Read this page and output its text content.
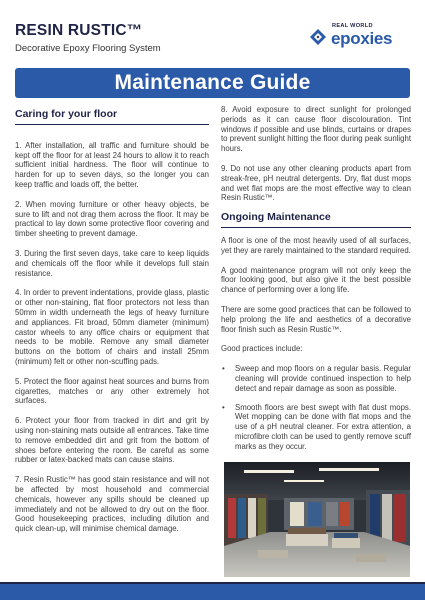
RESIN RUSTIC™
Decorative Epoxy Flooring System
REAL WORLD
epoxies
Maintenance Guide
Caring for your floor

1. After installation, all traffic and furniture should be kept off the floor for at least 24 hours to allow it to reach sufficient initial hardness. The floor will continue to harden for up to seven days, so the longer you can keep traffic and loads off, the better.

2. When moving furniture or other heavy objects, be sure to lift and not drag them across the floor. It may be practical to lay down some protective floor covering and timber sheeting to prevent damage.

3. During the first seven days, take care to keep liquids and chemicals off the floor while it develops full stain resistance.

4. In order to prevent indentations, provide glass, plastic or other non-staining, flat floor protectors not less than 50mm in width underneath the legs of heavy furniture and appliances. Fit broad, 50mm diameter (minimum) castor wheels to any office chairs or equipment that needs to be mobile. Remove any small diameter buttons on the bottom of chairs and install 25mm (minimum) felt or other non-scuffing pads.

5. Protect the floor against heat sources and burns from cigarettes, matches or any other extremely hot surfaces.

6. Protect your floor from tracked in dirt and grit by using non-staining mats outside all entrances. Take time to remove embedded dirt and grit from the bottom of shoes before entering the room. Be careful as some rubber or latex-backed mats can cause stains.

7. Resin Rustic™ has good stain resistance and will not be affected by most household and commercial chemicals, however any spills should be cleaned up immediately and not be allowed to dry out on the floor. Good housekeeping practices, including dilution and quick clean-up, will minimise chemical damage.

8. Avoid exposure to direct sunlight for prolonged periods as it can cause floor discolouration. Tint windows if possible and use blinds, curtains or drapes to prevent sunlight hitting the floor during peak sunlight hours.

9. Do not use any other cleaning products apart from streak-free, pH neutral detergents. Dry, flat dust mops and wet flat mops are the most effective way to clean Resin Rustic™.

Ongoing Maintenance

A floor is one of the most heavily used of all surfaces, yet they are rarely maintained to the standard required.

A good maintenance program will not only keep the floor looking good, but also give it the best possible chance of performing over a long life.

There are some good practices that can be followed to help prolong the life and aesthetics of a decorative floor finish such as Resin Rustic™.

Good practices include:

• Sweep and mop floors on a regular basis. Regular cleaning will provide continued inspection to help detect and repair damage as soon as possible.
• Smooth floors are best swept with flat dust mops. Wet mopping can be done with flat mops and the use of a pH neutral cleaner. For extra attention, a microfibre cloth can be used to gently remove scuff marks as they occur.
